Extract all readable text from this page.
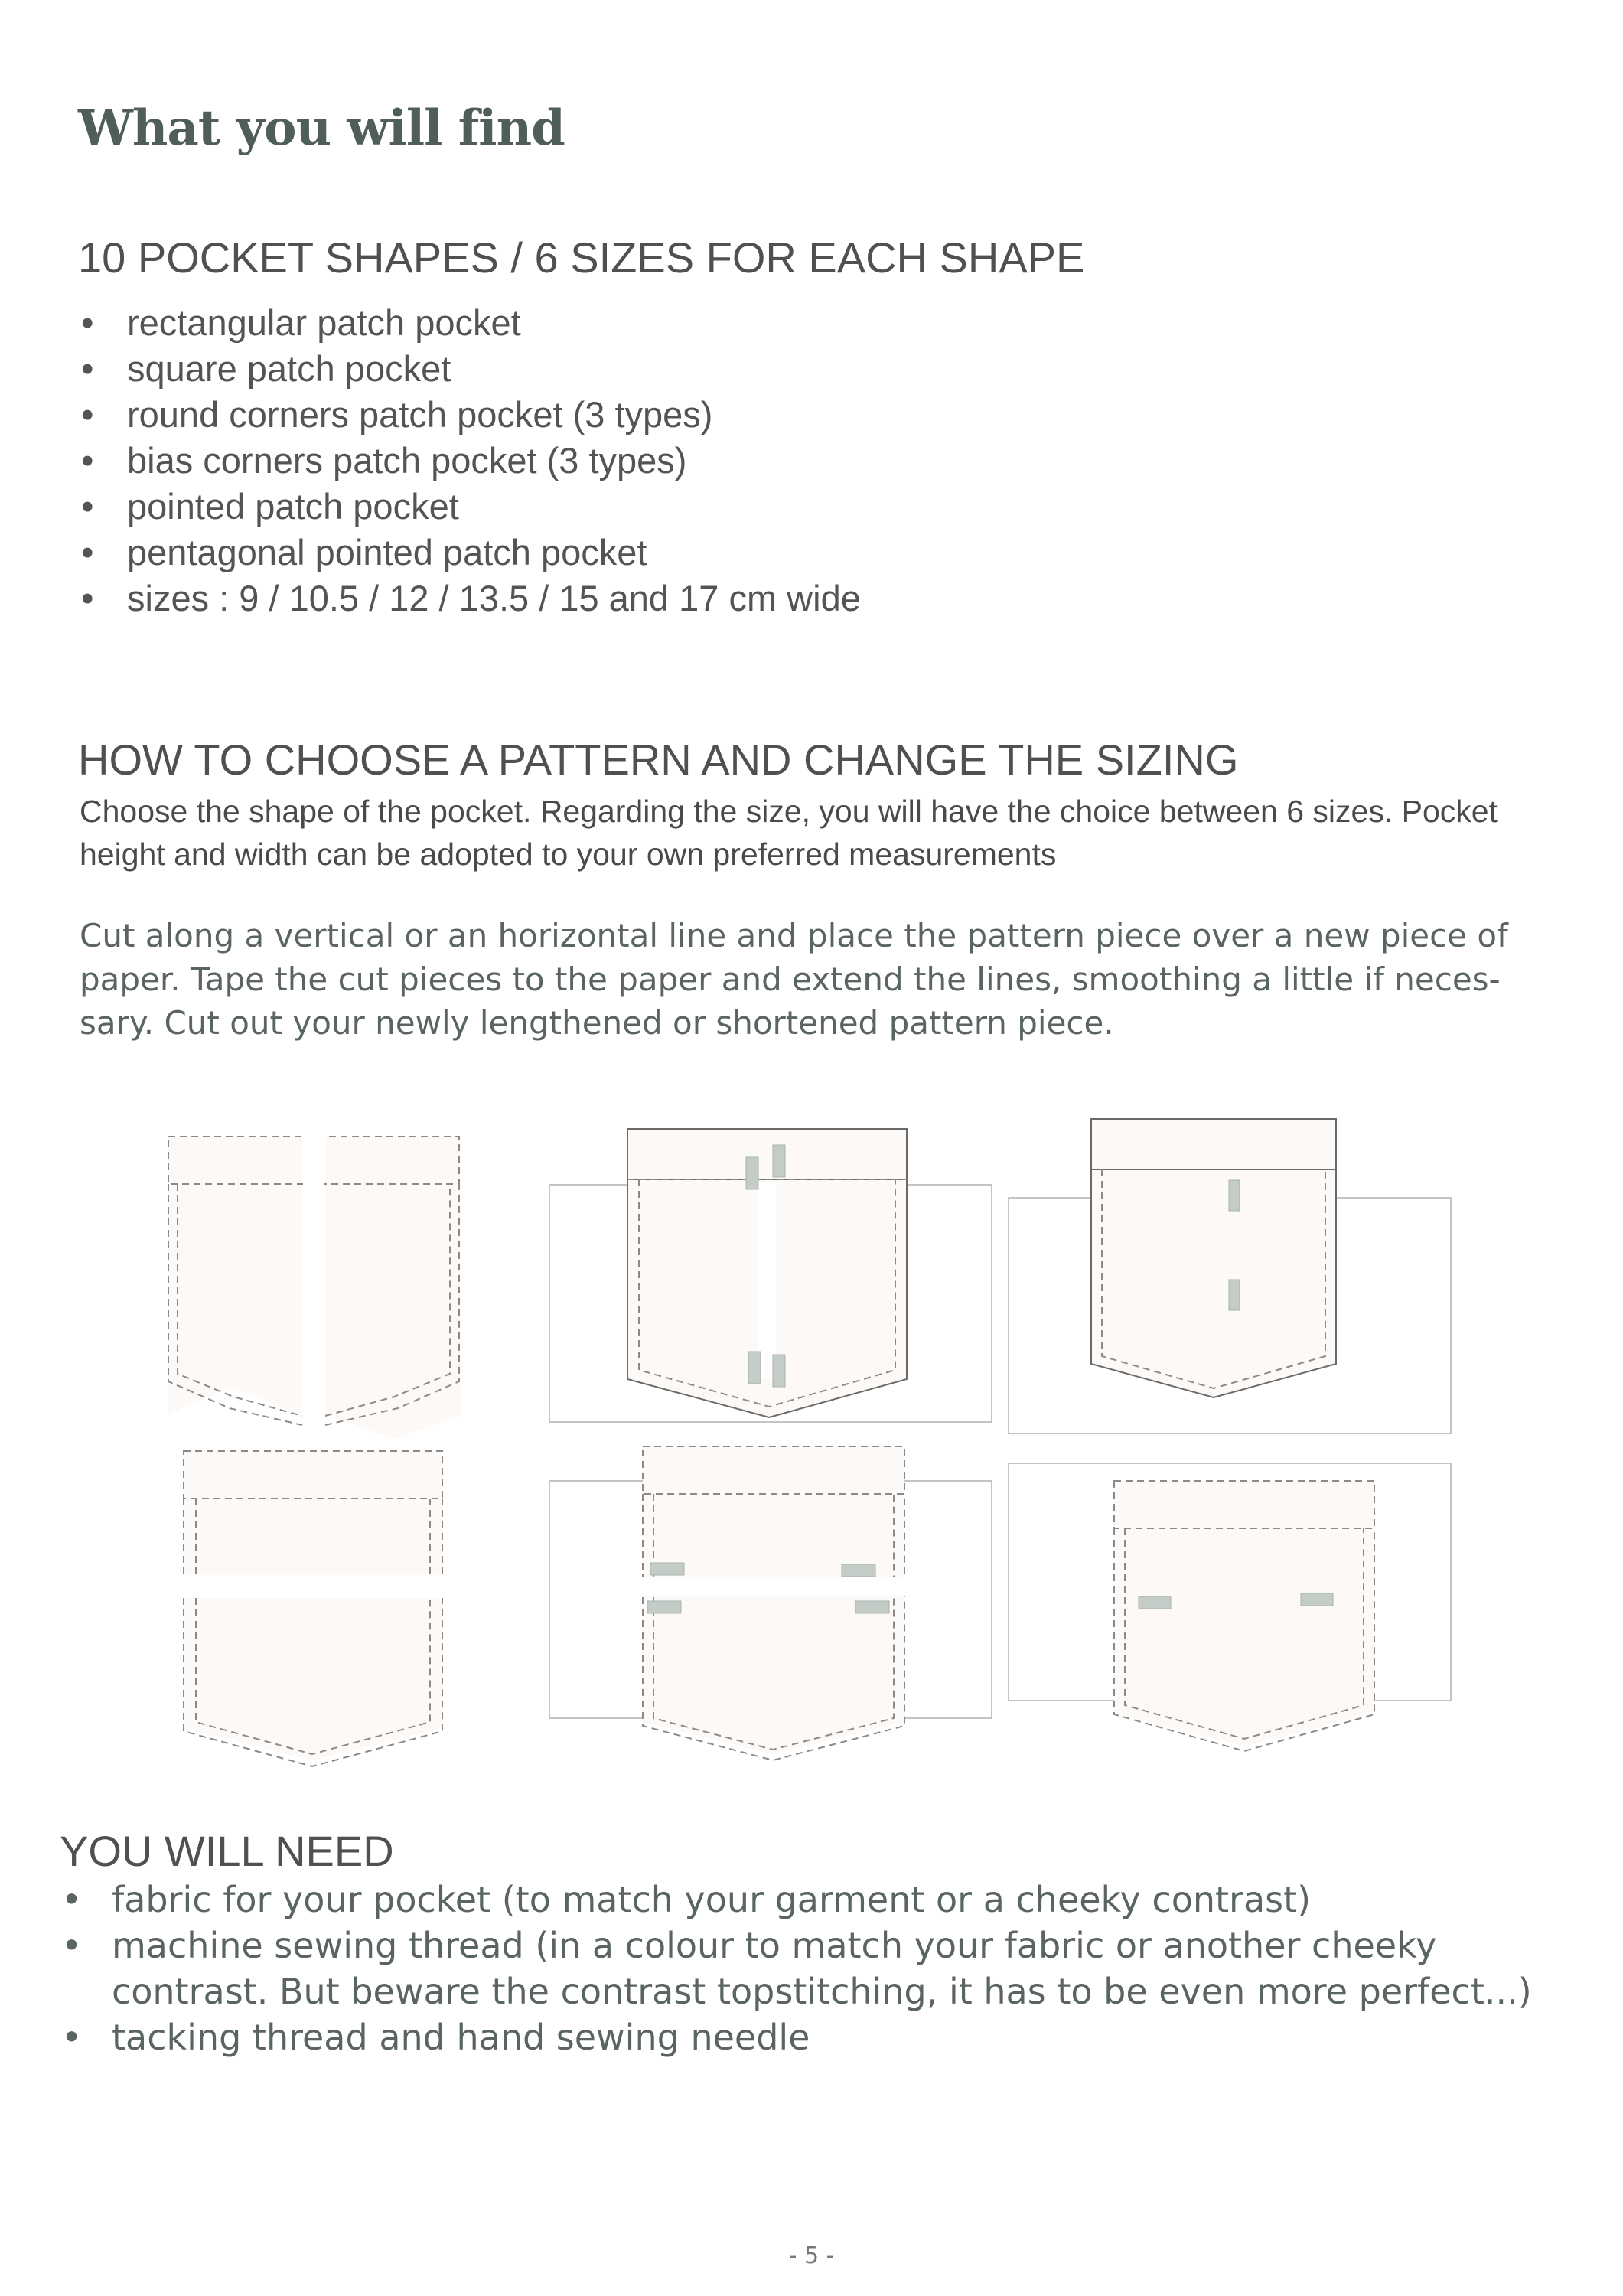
What you will find
10 POCKET SHAPES / 6 SIZES FOR EACH SHAPE
• rectangular patch pocket
• square patch pocket
• round corners patch pocket (3 types)
• bias corners patch pocket (3 types)
• pointed patch pocket
• pentagonal pointed patch pocket
• sizes : 9 / 10.5 / 12 / 13.5 / 15 and 17 cm wide
HOW TO CHOOSE A PATTERN AND CHANGE THE SIZING
Choose the shape of the pocket. Regarding the size, you will have the choice between 6 sizes. Pocket height and width can be adopted to your own preferred measurements
Cut along a vertical or an horizontal line and place the pattern piece over a new piece of paper. Tape the cut pieces to the paper and extend the lines, smoothing a little if neces-sary. Cut out your newly lengthened or shortened pattern piece.
YOU WILL NEED
• fabric for your pocket (to match your garment or a cheeky contrast)
• machine sewing thread (in a colour to match your fabric or another cheeky contrast. But beware the contrast topstitching, it has to be even more perfect...)
• tacking thread and hand sewing needle
- 5 -
